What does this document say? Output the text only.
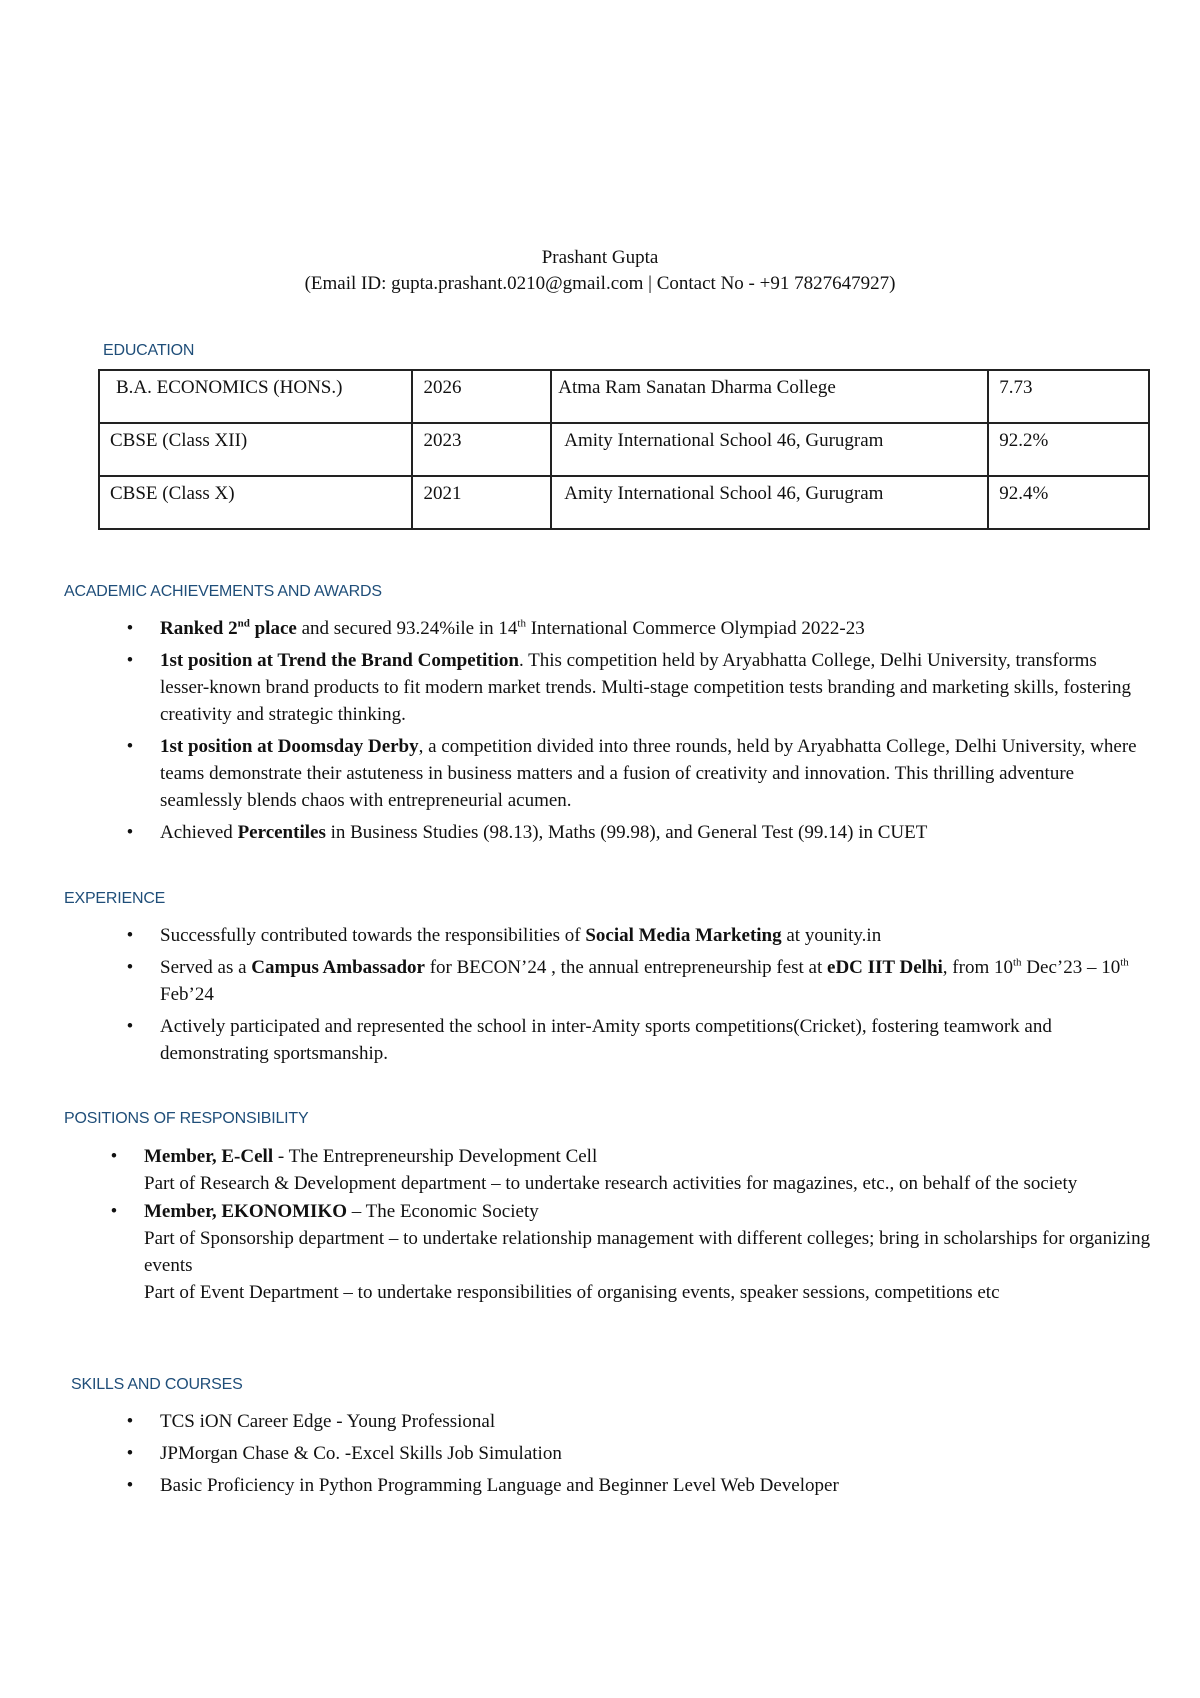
Prashant Gupta
(Email ID: gupta.prashant.0210@gmail.com | Contact No - +91 7827647927)
EDUCATION
B.A. ECONOMICS (HONS.)	2026	Atma Ram Sanatan Dharma College	7.73
CBSE (Class XII)	2023	Amity International School 46, Gurugram	92.2%
CBSE (Class X)	2021	Amity International School 46, Gurugram	92.4%
ACADEMIC ACHIEVEMENTS AND AWARDS
•	Ranked 2nd place and secured 93.24%ile in 14th International Commerce Olympiad 2022-23
•	1st position at Trend the Brand Competition. This competition held by Aryabhatta College, Delhi University, transforms lesser-known brand products to fit modern market trends. Multi-stage competition tests branding and marketing skills, fostering creativity and strategic thinking.
•	1st position at Doomsday Derby, a competition divided into three rounds, held by Aryabhatta College, Delhi University, where teams demonstrate their astuteness in business matters and a fusion of creativity and innovation. This thrilling adventure seamlessly blends chaos with entrepreneurial acumen.
•	Achieved Percentiles in Business Studies (98.13), Maths (99.98), and General Test (99.14) in CUET
EXPERIENCE
•	Successfully contributed towards the responsibilities of Social Media Marketing at younity.in
•	Served as a Campus Ambassador for BECON’24 , the annual entrepreneurship fest at eDC IIT Delhi, from 10th Dec’23 – 10th Feb’24
•	Actively participated and represented the school in inter-Amity sports competitions(Cricket), fostering teamwork and demonstrating sportsmanship.
POSITIONS OF RESPONSIBILITY
•	Member, E-Cell - The Entrepreneurship Development Cell
Part of Research & Development department – to undertake research activities for magazines, etc., on behalf of the society
•	Member, EKONOMIKO – The Economic Society
Part of Sponsorship department – to undertake relationship management with different colleges; bring in scholarships for organizing events
Part of Event Department – to undertake responsibilities of organising events, speaker sessions, competitions etc
SKILLS AND COURSES
•	TCS iON Career Edge - Young Professional
•	JPMorgan Chase & Co. -Excel Skills Job Simulation
•	Basic Proficiency in Python Programming Language and Beginner Level Web Developer
